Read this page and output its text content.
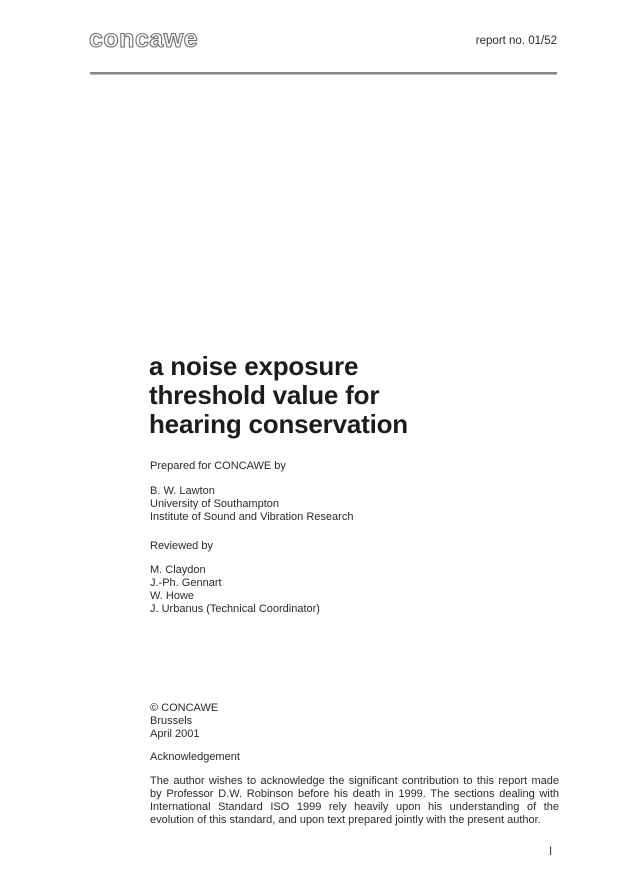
concawe	report no. 01/52
a noise exposure
threshold value for
hearing conservation
Prepared for CONCAWE by
B. W. Lawton
University of Southampton
Institute of Sound and Vibration Research
Reviewed by
M. Claydon
J.-Ph. Gennart
W. Howe
J. Urbanus (Technical Coordinator)
© CONCAWE
Brussels
April 2001
Acknowledgement
The author wishes to acknowledge the significant contribution to this report made by Professor D.W. Robinson before his death in 1999. The sections dealing with International Standard ISO 1999 rely heavily upon his understanding of the evolution of this standard, and upon text prepared jointly with the present author.
I
